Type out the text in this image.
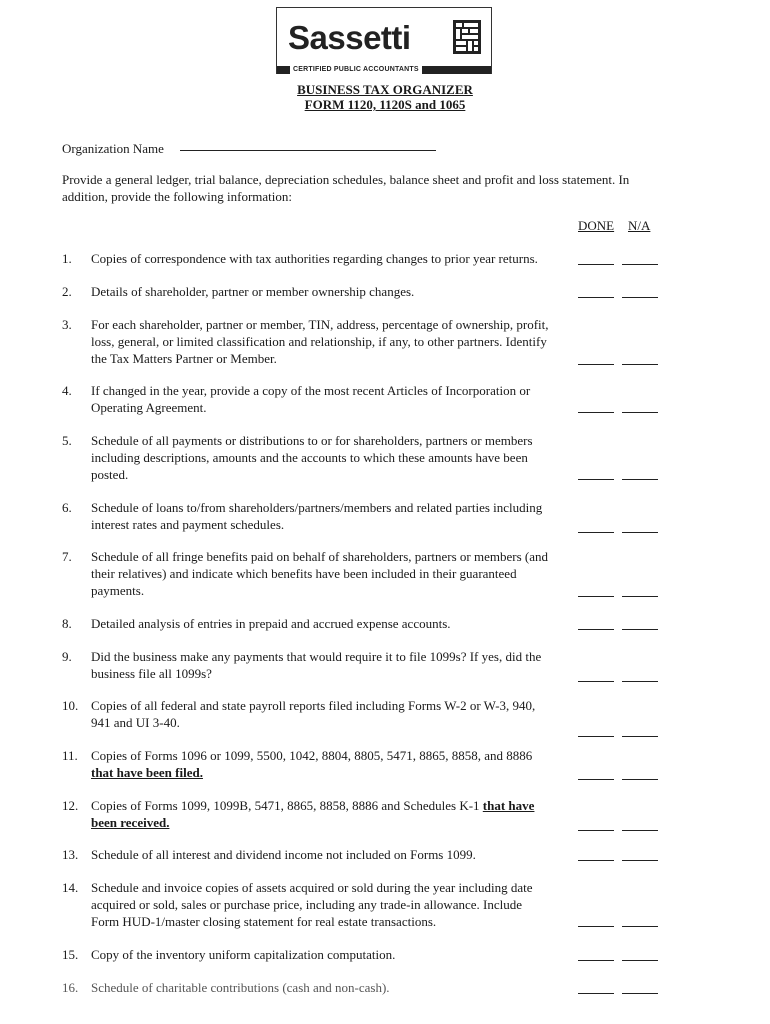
Sassetti
CERTIFIED PUBLIC ACCOUNTANTS
BUSINESS TAX ORGANIZER
FORM 1120, 1120S and 1065
Organization Name
Provide a general ledger, trial balance, depreciation schedules, balance sheet and profit and loss statement. In addition, provide the following information:
DONE N/A
1. Copies of correspondence with tax authorities regarding changes to prior year returns.
2. Details of shareholder, partner or member ownership changes.
3. For each shareholder, partner or member, TIN, address, percentage of ownership, profit, loss, general, or limited classification and relationship, if any, to other partners. Identify the Tax Matters Partner or Member.
4. If changed in the year, provide a copy of the most recent Articles of Incorporation or Operating Agreement.
5. Schedule of all payments or distributions to or for shareholders, partners or members including descriptions, amounts and the accounts to which these amounts have been posted.
6. Schedule of loans to/from shareholders/partners/members and related parties including interest rates and payment schedules.
7. Schedule of all fringe benefits paid on behalf of shareholders, partners or members (and their relatives) and indicate which benefits have been included in their guaranteed payments.
8. Detailed analysis of entries in prepaid and accrued expense accounts.
9. Did the business make any payments that would require it to file 1099s? If yes, did the business file all 1099s?
10. Copies of all federal and state payroll reports filed including Forms W-2 or W-3, 940, 941 and UI 3-40.
11. Copies of Forms 1096 or 1099, 5500, 1042, 8804, 8805, 5471, 8865, 8858, and 8886 that have been filed.
12. Copies of Forms 1099, 1099B, 5471, 8865, 8858, 8886 and Schedules K-1 that have been received.
13. Schedule of all interest and dividend income not included on Forms 1099.
14. Schedule and invoice copies of assets acquired or sold during the year including date acquired or sold, sales or purchase price, including any trade-in allowance. Include Form HUD-1/master closing statement for real estate transactions.
15. Copy of the inventory uniform capitalization computation.
16. Schedule of charitable contributions (cash and non-cash).
